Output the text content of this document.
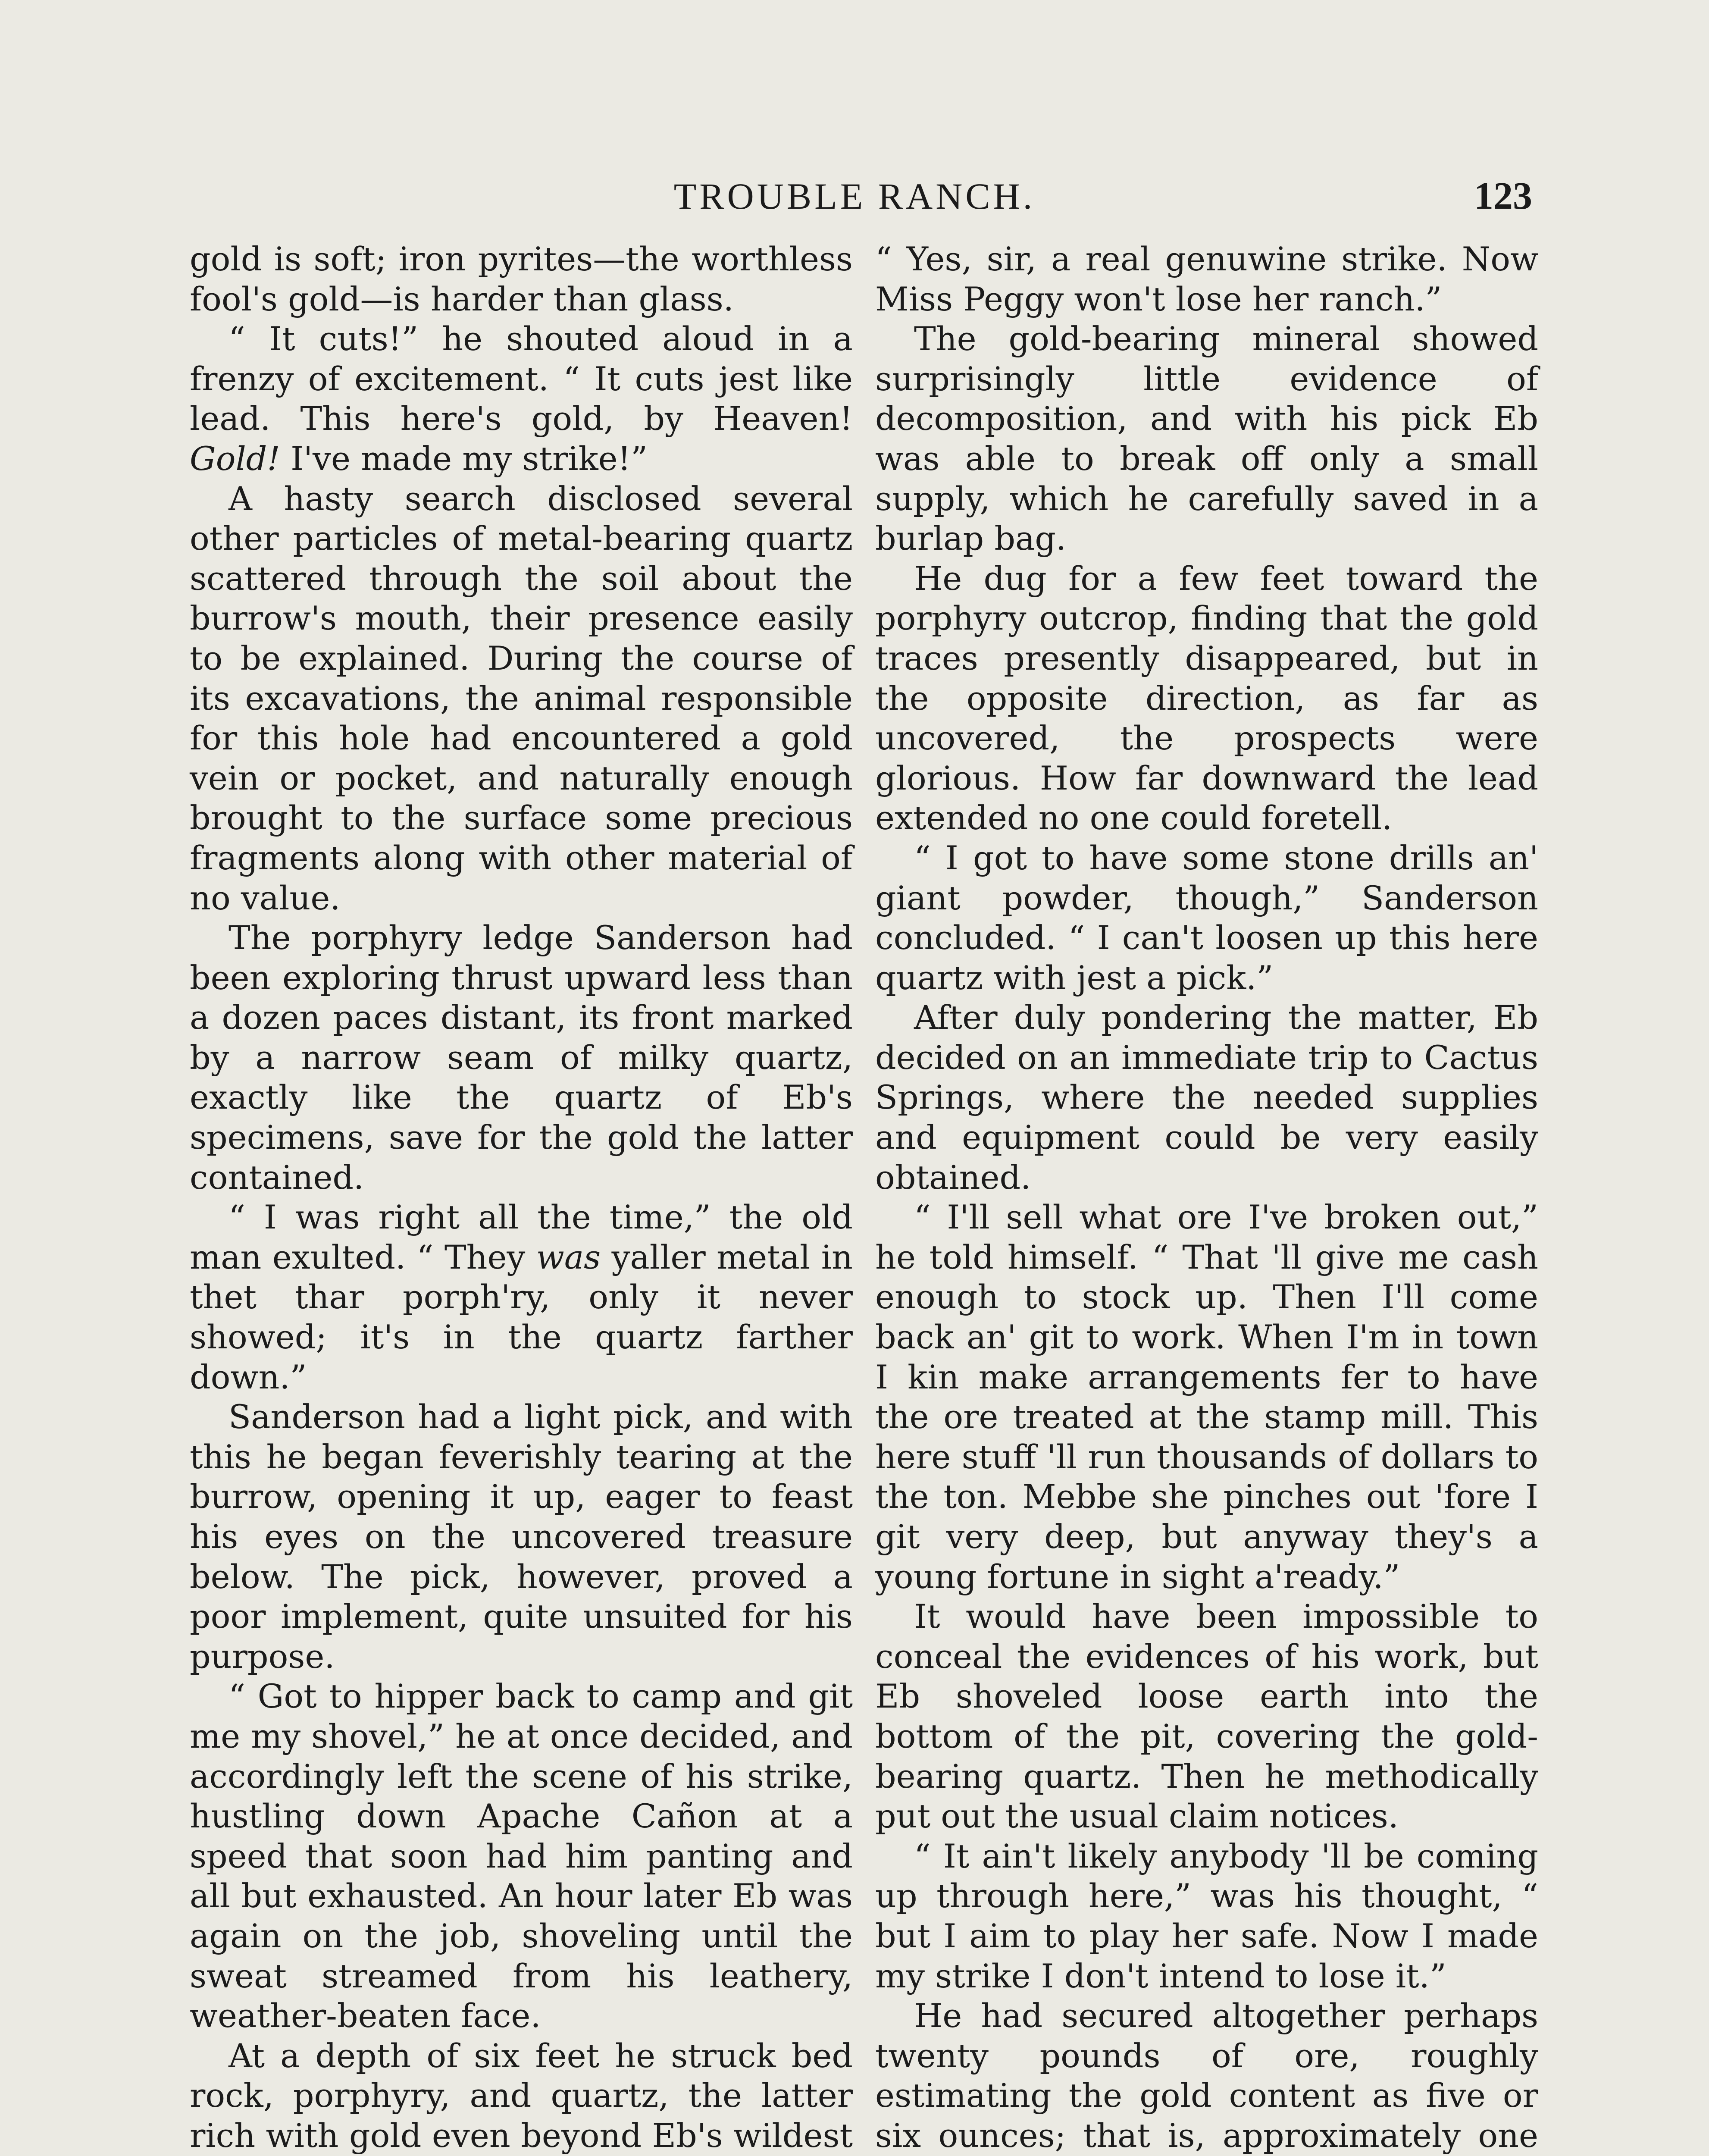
TROUBLE RANCH.	123

gold is soft; iron pyrites—the worthless fool's gold—is harder than glass.

“ It cuts!” he shouted aloud in a frenzy of excitement. “ It cuts jest like lead. This here's gold, by Heaven! Gold! I've made my strike!”

A hasty search disclosed several other particles of metal-bearing quartz scattered through the soil about the burrow's mouth, their presence easily to be explained. During the course of its excavations, the animal responsible for this hole had encountered a gold vein or pocket, and naturally enough brought to the surface some precious fragments along with other material of no value.

The porphyry ledge Sanderson had been exploring thrust upward less than a dozen paces distant, its front marked by a narrow seam of milky quartz, exactly like the quartz of Eb's specimens, save for the gold the latter contained.

“ I was right all the time,” the old man exulted. “ They was yaller metal in thet thar porph'ry, only it never showed; it's in the quartz farther down.”

Sanderson had a light pick, and with this he began feverishly tearing at the burrow, opening it up, eager to feast his eyes on the uncovered treasure below. The pick, however, proved a poor implement, quite unsuited for his purpose.

“ Got to hipper back to camp and git me my shovel,” he at once decided, and accordingly left the scene of his strike, hustling down Apache Cañon at a speed that soon had him panting and all but exhausted. An hour later Eb was again on the job, shoveling until the sweat streamed from his leathery, weather-beaten face.

At a depth of six feet he struck bed rock, porphyry, and quartz, the latter rich with gold even beyond Eb's wildest

“ Yes, sir, a real genuwine strike. Now Miss Peggy won't lose her ranch.”

The gold-bearing mineral showed surprisingly little evidence of decomposition, and with his pick Eb was able to break off only a small supply, which he carefully saved in a burlap bag.

He dug for a few feet toward the porphyry outcrop, finding that the gold traces presently disappeared, but in the opposite direction, as far as uncovered, the prospects were glorious. How far downward the lead extended no one could foretell.

“ I got to have some stone drills an' giant powder, though,” Sanderson concluded. “ I can't loosen up this here quartz with jest a pick.”

After duly pondering the matter, Eb decided on an immediate trip to Cactus Springs, where the needed supplies and equipment could be very easily obtained.

“ I'll sell what ore I've broken out,” he told himself. “ That 'll give me cash enough to stock up. Then I'll come back an' git to work. When I'm in town I kin make arrangements fer to have the ore treated at the stamp mill. This here stuff 'll run thousands of dollars to the ton. Mebbe she pinches out 'fore I git very deep, but anyway they's a young fortune in sight a'ready.”

It would have been impossible to conceal the evidences of his work, but Eb shoveled loose earth into the bottom of the pit, covering the gold-bearing quartz. Then he methodically put out the usual claim notices.

“ It ain't likely anybody 'll be coming up through here,” was his thought, “ but I aim to play her safe. Now I made my strike I don't intend to lose it.”

He had secured altogether perhaps twenty pounds of ore, roughly estimating the gold content as five or six ounces; that is, approximately one
